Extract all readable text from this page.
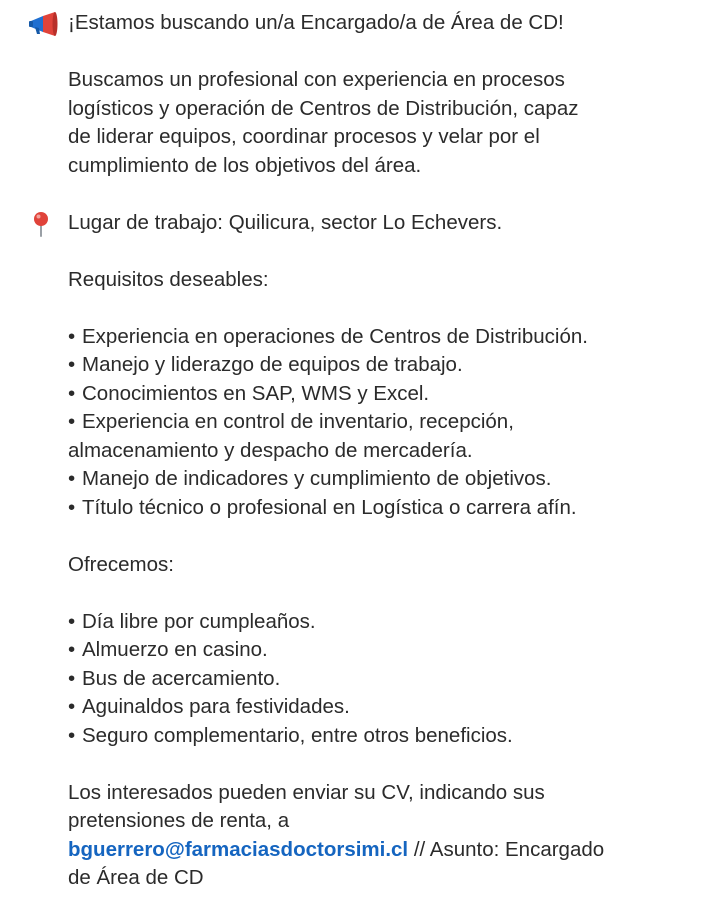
¡Estamos buscando un/a Encargado/a de Área de CD!
Buscamos un profesional con experiencia en procesos
logísticos y operación de Centros de Distribución, capaz
de liderar equipos, coordinar procesos y velar por el
cumplimiento de los objetivos del área.
Lugar de trabajo: Quilicura, sector Lo Echevers.
Requisitos deseables:
• Experiencia en operaciones de Centros de Distribución.
• Manejo y liderazgo de equipos de trabajo.
• Conocimientos en SAP, WMS y Excel.
• Experiencia en control de inventario, recepción,
almacenamiento y despacho de mercadería.
• Manejo de indicadores y cumplimiento de objetivos.
• Título técnico o profesional en Logística o carrera afín.
Ofrecemos:
• Día libre por cumpleaños.
• Almuerzo en casino.
• Bus de acercamiento.
• Aguinaldos para festividades.
• Seguro complementario, entre otros beneficios.
Los interesados pueden enviar su CV, indicando sus
pretensiones de renta, a
bguerrero@farmaciasdoctorsimi.cl // Asunto: Encargado
de Área de CD
